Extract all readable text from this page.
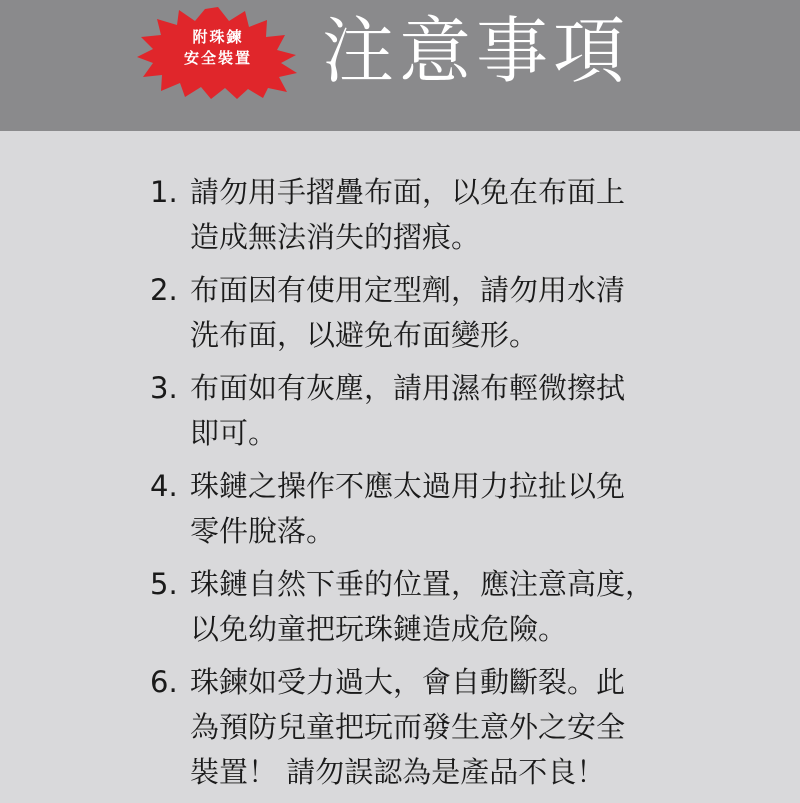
附珠鍊
安全裝置 注意事項
1. 請勿用手摺疊布面，以免在布面上
造成無法消失的摺痕。
2. 布面因有使用定型劑，請勿用水清
洗布面，以避免布面變形。
3. 布面如有灰塵，請用濕布輕微擦拭
即可。
4. 珠鏈之操作不應太過用力拉扯以免
零件脫落。
5. 珠鏈自然下垂的位置，應注意高度，
以免幼童把玩珠鏈造成危險。
6. 珠鍊如受力過大，會自動斷裂。此
為預防兒童把玩而發生意外之安全
裝置！ 請勿誤認為是產品不良！
